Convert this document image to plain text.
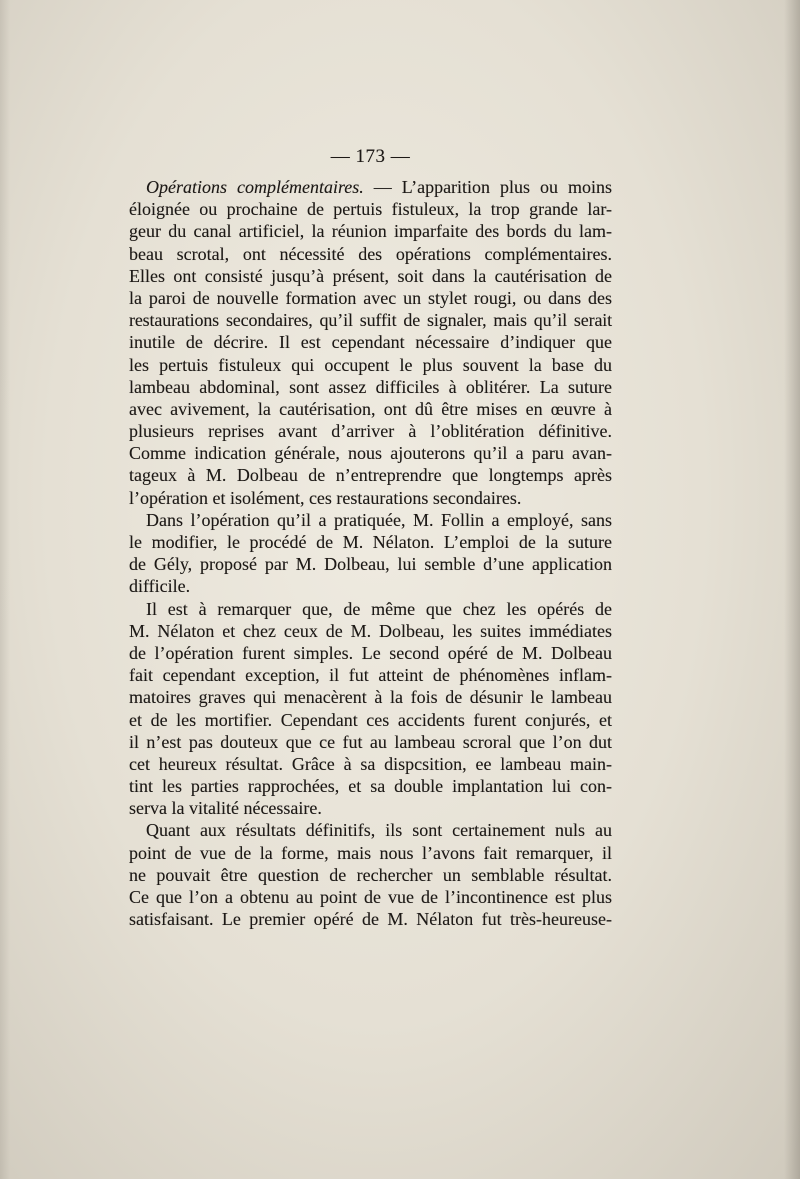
— 173 —
Opérations complémentaires. — L’apparition plus ou moins
éloignée ou prochaine de pertuis fistuleux, la trop grande lar-
geur du canal artificiel, la réunion imparfaite des bords du lam-
beau scrotal, ont nécessité des opérations complémentaires.
Elles ont consisté jusqu’à présent, soit dans la cautérisation de
la paroi de nouvelle formation avec un stylet rougi, ou dans des
restaurations secondaires, qu’il suffit de signaler, mais qu’il serait
inutile de décrire. Il est cependant nécessaire d’indiquer que
les pertuis fistuleux qui occupent le plus souvent la base du
lambeau abdominal, sont assez difficiles à oblitérer. La suture
avec avivement, la cautérisation, ont dû être mises en œuvre à
plusieurs reprises avant d’arriver à l’oblitération définitive.
Comme indication générale, nous ajouterons qu’il a paru avan-
tageux à M. Dolbeau de n’entreprendre que longtemps après
l’opération et isolément, ces restaurations secondaires.
Dans l’opération qu’il a pratiquée, M. Follin a employé, sans
le modifier, le procédé de M. Nélaton. L’emploi de la suture
de Gély, proposé par M. Dolbeau, lui semble d’une application
difficile.
Il est à remarquer que, de même que chez les opérés de
M. Nélaton et chez ceux de M. Dolbeau, les suites immédiates
de l’opération furent simples. Le second opéré de M. Dolbeau
fait cependant exception, il fut atteint de phénomènes inflam-
matoires graves qui menacèrent à la fois de désunir le lambeau
et de les mortifier. Cependant ces accidents furent conjurés, et
il n’est pas douteux que ce fut au lambeau scroral que l’on dut
cet heureux résultat. Grâce à sa dispcsition, ee lambeau main-
tint les parties rapprochées, et sa double implantation lui con-
serva la vitalité nécessaire.
Quant aux résultats définitifs, ils sont certainement nuls au
point de vue de la forme, mais nous l’avons fait remarquer, il
ne pouvait être question de rechercher un semblable résultat.
Ce que l’on a obtenu au point de vue de l’incontinence est plus
satisfaisant. Le premier opéré de M. Nélaton fut très-heureuse-
